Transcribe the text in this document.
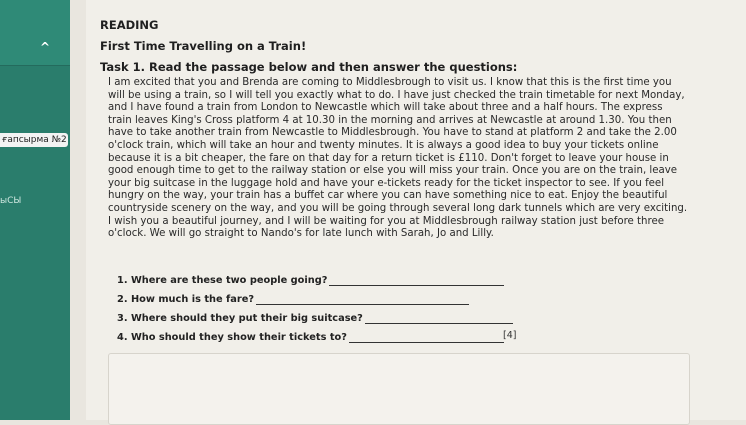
^
ғапсырма №2
ыСЫ
READING
First Time Travelling on a Train!
Task 1. Read the passage below and then answer the questions:

I am excited that you and Brenda are coming to Middlesbrough to visit us. I know that this is the first time you will be using a train, so I will tell you exactly what to do. I have just checked the train timetable for next Monday, and I have found a train from London to Newcastle which will take about three and a half hours. The express train leaves King's Cross platform 4 at 10.30 in the morning and arrives at Newcastle at around 1.30. You then have to take another train from Newcastle to Middlesbrough. You have to stand at platform 2 and take the 2.00 o'clock train, which will take an hour and twenty minutes. It is always a good idea to buy your tickets online because it is a bit cheaper, the fare on that day for a return ticket is £110. Don't forget to leave your house in good enough time to get to the railway station or else you will miss your train. Once you are on the train, leave your big suitcase in the luggage hold and have your e-tickets ready for the ticket inspector to see. If you feel hungry on the way, your train has a buffet car where you can have something nice to eat. Enjoy the beautiful countryside scenery on the way, and you will be going through several long dark tunnels which are very exciting. I wish you a beautiful journey, and I will be waiting for you at Middlesbrough railway station just before three o'clock. We will go straight to Nando's for late lunch with Sarah, Jo and Lilly.

1. Where are these two people going?
2. How much is the fare?
3. Where should they put their big suitcase?
4. Who should they show their tickets to?	[4]
